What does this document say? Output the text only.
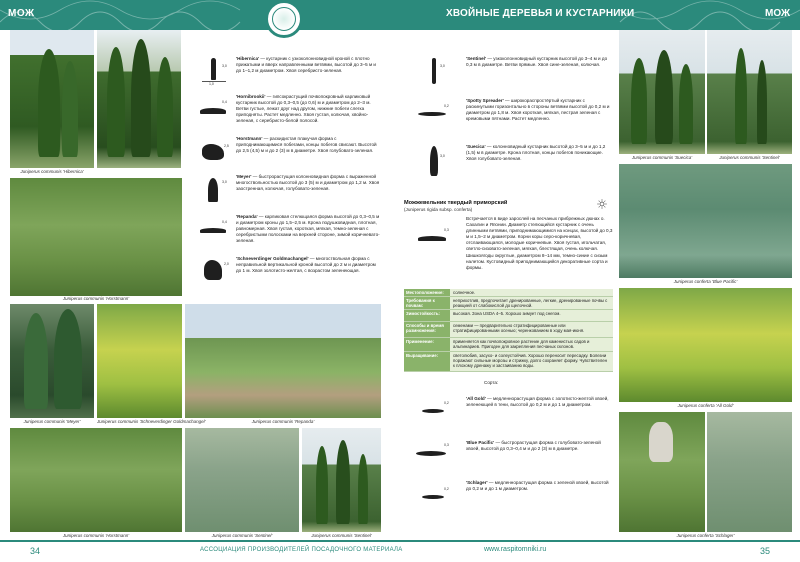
МОЖ	ХВОЙНЫЕ ДЕРЕВЬЯ И КУСТАРНИКИ	МОЖ
Juniperus communis 'Hibernica'
Juniperus communis 'Horstmann'
Juniperus communis 'Meyer'	Juniperus communis 'Schneverdinger Goldmachangel'	Juniperus communis 'Repanda'
Juniperus communis 'Horstmann'	Juniperus communis 'Sentinel'	Juniperus communis 'Sentinel'
3,0
1,0
'Hibernica' — кустарник с узкоколонновидной кроной с плотно прижатыми и вверх направленными ветвями, высотой до 3–5 м и до 1–1,2 м диаметром. Хвоя серебристо-зеленая.
0,4
'Hornibrookii' — гипсокрастущий почвопокровный карликовый кустарник высотой до 0,3–0,5 (до 0,6) м и диаметром до 2–3 м. Ветви густые, лежат друг над другом, нижние побеги слегка приподняты. Растет медленно. Хвоя густая, колючая, хвойно-зеленая, с серебристо-белой полосой.
2,5
'Horstmann' — раскидистая плакучая форма с приподнимающимися побегами, концы побегов свисают. Высотой до 2,5 (4,5) м и до 2 (3) м в диаметре. Хвоя голубовато-зеленая.
3,0
'Meyer' — быстрорастущая колонновидная форма с выраженной многоствольностью высотой до 3 (5) м и диаметром до 1,2 м. Хвоя заостренная, колючая, голубовато-зеленая.
0,4
'Repanda' — карликовая стелющаяся форма высотой до 0,3–0,5 м и диаметром кроны до 1,5–2,5 м. Крона подушковидная, плотная, равномерная. Хвоя густая, короткая, мягкая, темно-зеленая с серебристыми полосками на верхней стороне, зимой коричневато-зеленая.
2,0
'Schneverdinger Goldmachangel' — многоствольная форма с неправильной вертикальной кроной высотой до 2 м и диаметром до 1 м. Хвоя золотисто-желтая, с возрастом зеленеющая.
3,0
'Sentinel' — узкоколонновидный кустарник высотой до 3–4 м и до 0,3 м в диаметре. Ветви прямые. Хвоя сине-зеленая, колючая.
0,2
'Spotty Spreader' — широкораспростёртый кустарник с раскинутыми горизонтально в стороны ветвями высотой до 0,2 м и диаметром до 1,8 м. Хвоя короткая, мягкая, пестрая зеленая с кремовыми пятнами. Растет медленно.
3,0
'Suecica' — колонновидный кустарник высотой до 3–5 м и до 1,2 (1,5) м в диаметре. Крона плотная, концы побегов поникающие. Хвоя голубовато-зеленая.
Можжевельник твердый приморский
(Juniperus rigida subsp. conferta)
0,3
Встречается в виде зарослей на песчаных прибрежных дюнах о. Сахалин и Японии. Диаметр стелющийся кустарник с очень длинными ветвями, приподнимающимися на концах, высотой до 0,3 м и 1,5–2 м диаметром. Корни коры серо-коричневая, отслаивающаяся, молодые коричневые. Хвоя густая, игольчатая, светло-сизовато-зеленая, мягкая, блестящая, очень колючая. Шишкоягоды округлые, диаметром 8–14 мм, темно-синие с сизым налетом. Кустовидный приподнимающийся декоративные сорта и формы.
Местоположение:	солнечное.
Требования к почвам:
неприхотлив, предпочитает дренированные, легкие, дренированные почвы с реакцией от слабокислой до щелочной.
Зимостойкость:	высокая. Зона USDA 4–5. Хорошо зимует под снегом.
Способы и время размножения:
семенами — предварительно стратифицированные или стратифицированными осенью; черенкованием в ходу мая-июня.
Применение:	применяется как почвопокровное растение для каменистых садов и альпинариев. Пригоден для закрепления песчаных склонов.
Выращивание:	светолюбив, засухо- и солеустойчив. Хорошо переносит пересадку. Болезни поражают сильные морозы и стрижку, долго сохраняет форму. Чувствителен к плохому дренажу и застаиванию воды.
Сорта:
0,2
'All Gold' — медленнорастущая форма с золотисто-желтой хвоей, зеленеющей в тени, высотой до 0,2 м и до 1 м диаметром.
0,3	'Blue Pacific' — быстрорастущая форма с голубовато-зеленой хвоей, высотой до 0,3–0,4 м и до 2 (3) м в диаметре.
0,2
'Schlager' — медленнорастущая форма с зеленой хвоей, высотой до 0,2 м и до 1 м диаметром.
Juniperus communis 'Suecica'	Juniperus communis 'Sentinel'
Juniperus conferta 'Blue Pacific'
Juniperus conferta 'All Gold'
Juniperus conferta 'Schlager'
34	АССОЦИАЦИЯ ПРОИЗВОДИТЕЛЕЙ ПОСАДОЧНОГО МАТЕРИАЛА	www.raspitomniki.ru	35
